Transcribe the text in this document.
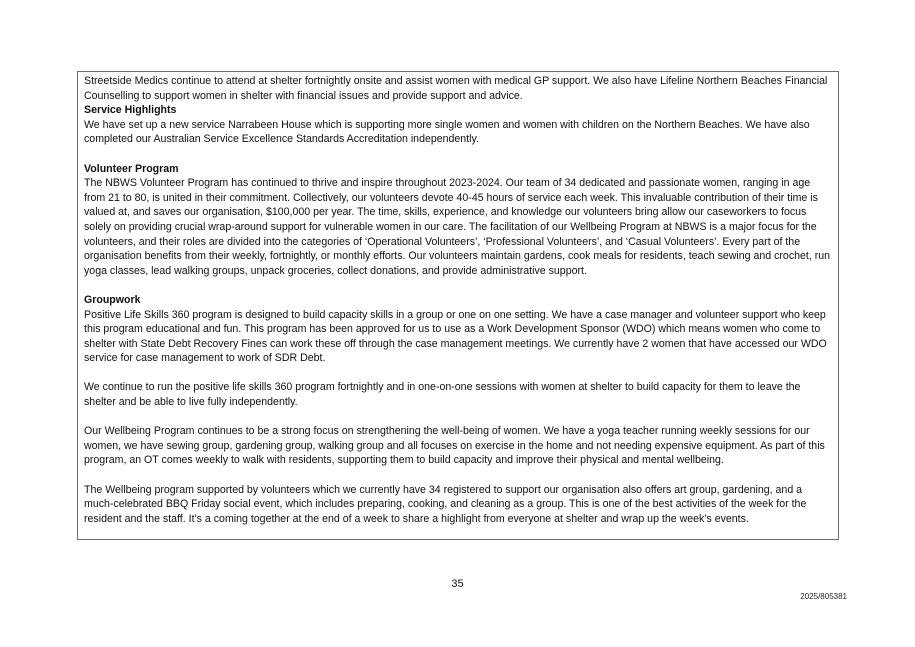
Streetside Medics continue to attend at shelter fortnightly onsite and assist women with medical GP support. We also have Lifeline Northern Beaches Financial Counselling to support women in shelter with financial issues and provide support and advice.

Service Highlights

We have set up a new service Narrabeen House which is supporting more single women and women with children on the Northern Beaches. We have also completed our Australian Service Excellence Standards Accreditation independently.

Volunteer Program

The NBWS Volunteer Program has continued to thrive and inspire throughout 2023-2024. Our team of 34 dedicated and passionate women, ranging in age from 21 to 80, is united in their commitment. Collectively, our volunteers devote 40-45 hours of service each week. This invaluable contribution of their time is valued at, and saves our organisation, $100,000 per year. The time, skills, experience, and knowledge our volunteers bring allow our caseworkers to focus solely on providing crucial wrap-around support for vulnerable women in our care. The facilitation of our Wellbeing Program at NBWS is a major focus for the volunteers, and their roles are divided into the categories of ‘Operational Volunteers’, ‘Professional Volunteers’, and ‘Casual Volunteers’. Every part of the organisation benefits from their weekly, fortnightly, or monthly efforts. Our volunteers maintain gardens, cook meals for residents, teach sewing and crochet, run yoga classes, lead walking groups, unpack groceries, collect donations, and provide administrative support.

Groupwork

Positive Life Skills 360 program is designed to build capacity skills in a group or one on one setting. We have a case manager and volunteer support who keep this program educational and fun. This program has been approved for us to use as a Work Development Sponsor (WDO) which means women who come to shelter with State Debt Recovery Fines can work these off through the case management meetings. We currently have 2 women that have accessed our WDO service for case management to work of SDR Debt.

We continue to run the positive life skills 360 program fortnightly and in one-on-one sessions with women at shelter to build capacity for them to leave the shelter and be able to live fully independently.

Our Wellbeing Program continues to be a strong focus on strengthening the well-being of women. We have a yoga teacher running weekly sessions for our women, we have sewing group, gardening group, walking group and all focuses on exercise in the home and not needing expensive equipment. As part of this program, an OT comes weekly to walk with residents, supporting them to build capacity and improve their physical and mental wellbeing.

The Wellbeing program supported by volunteers which we currently have 34 registered to support our organisation also offers art group, gardening, and a much-celebrated BBQ Friday social event, which includes preparing, cooking, and cleaning as a group. This is one of the best activities of the week for the resident and the staff. It’s a coming together at the end of a week to share a highlight from everyone at shelter and wrap up the week’s events.

35
2025/805381
